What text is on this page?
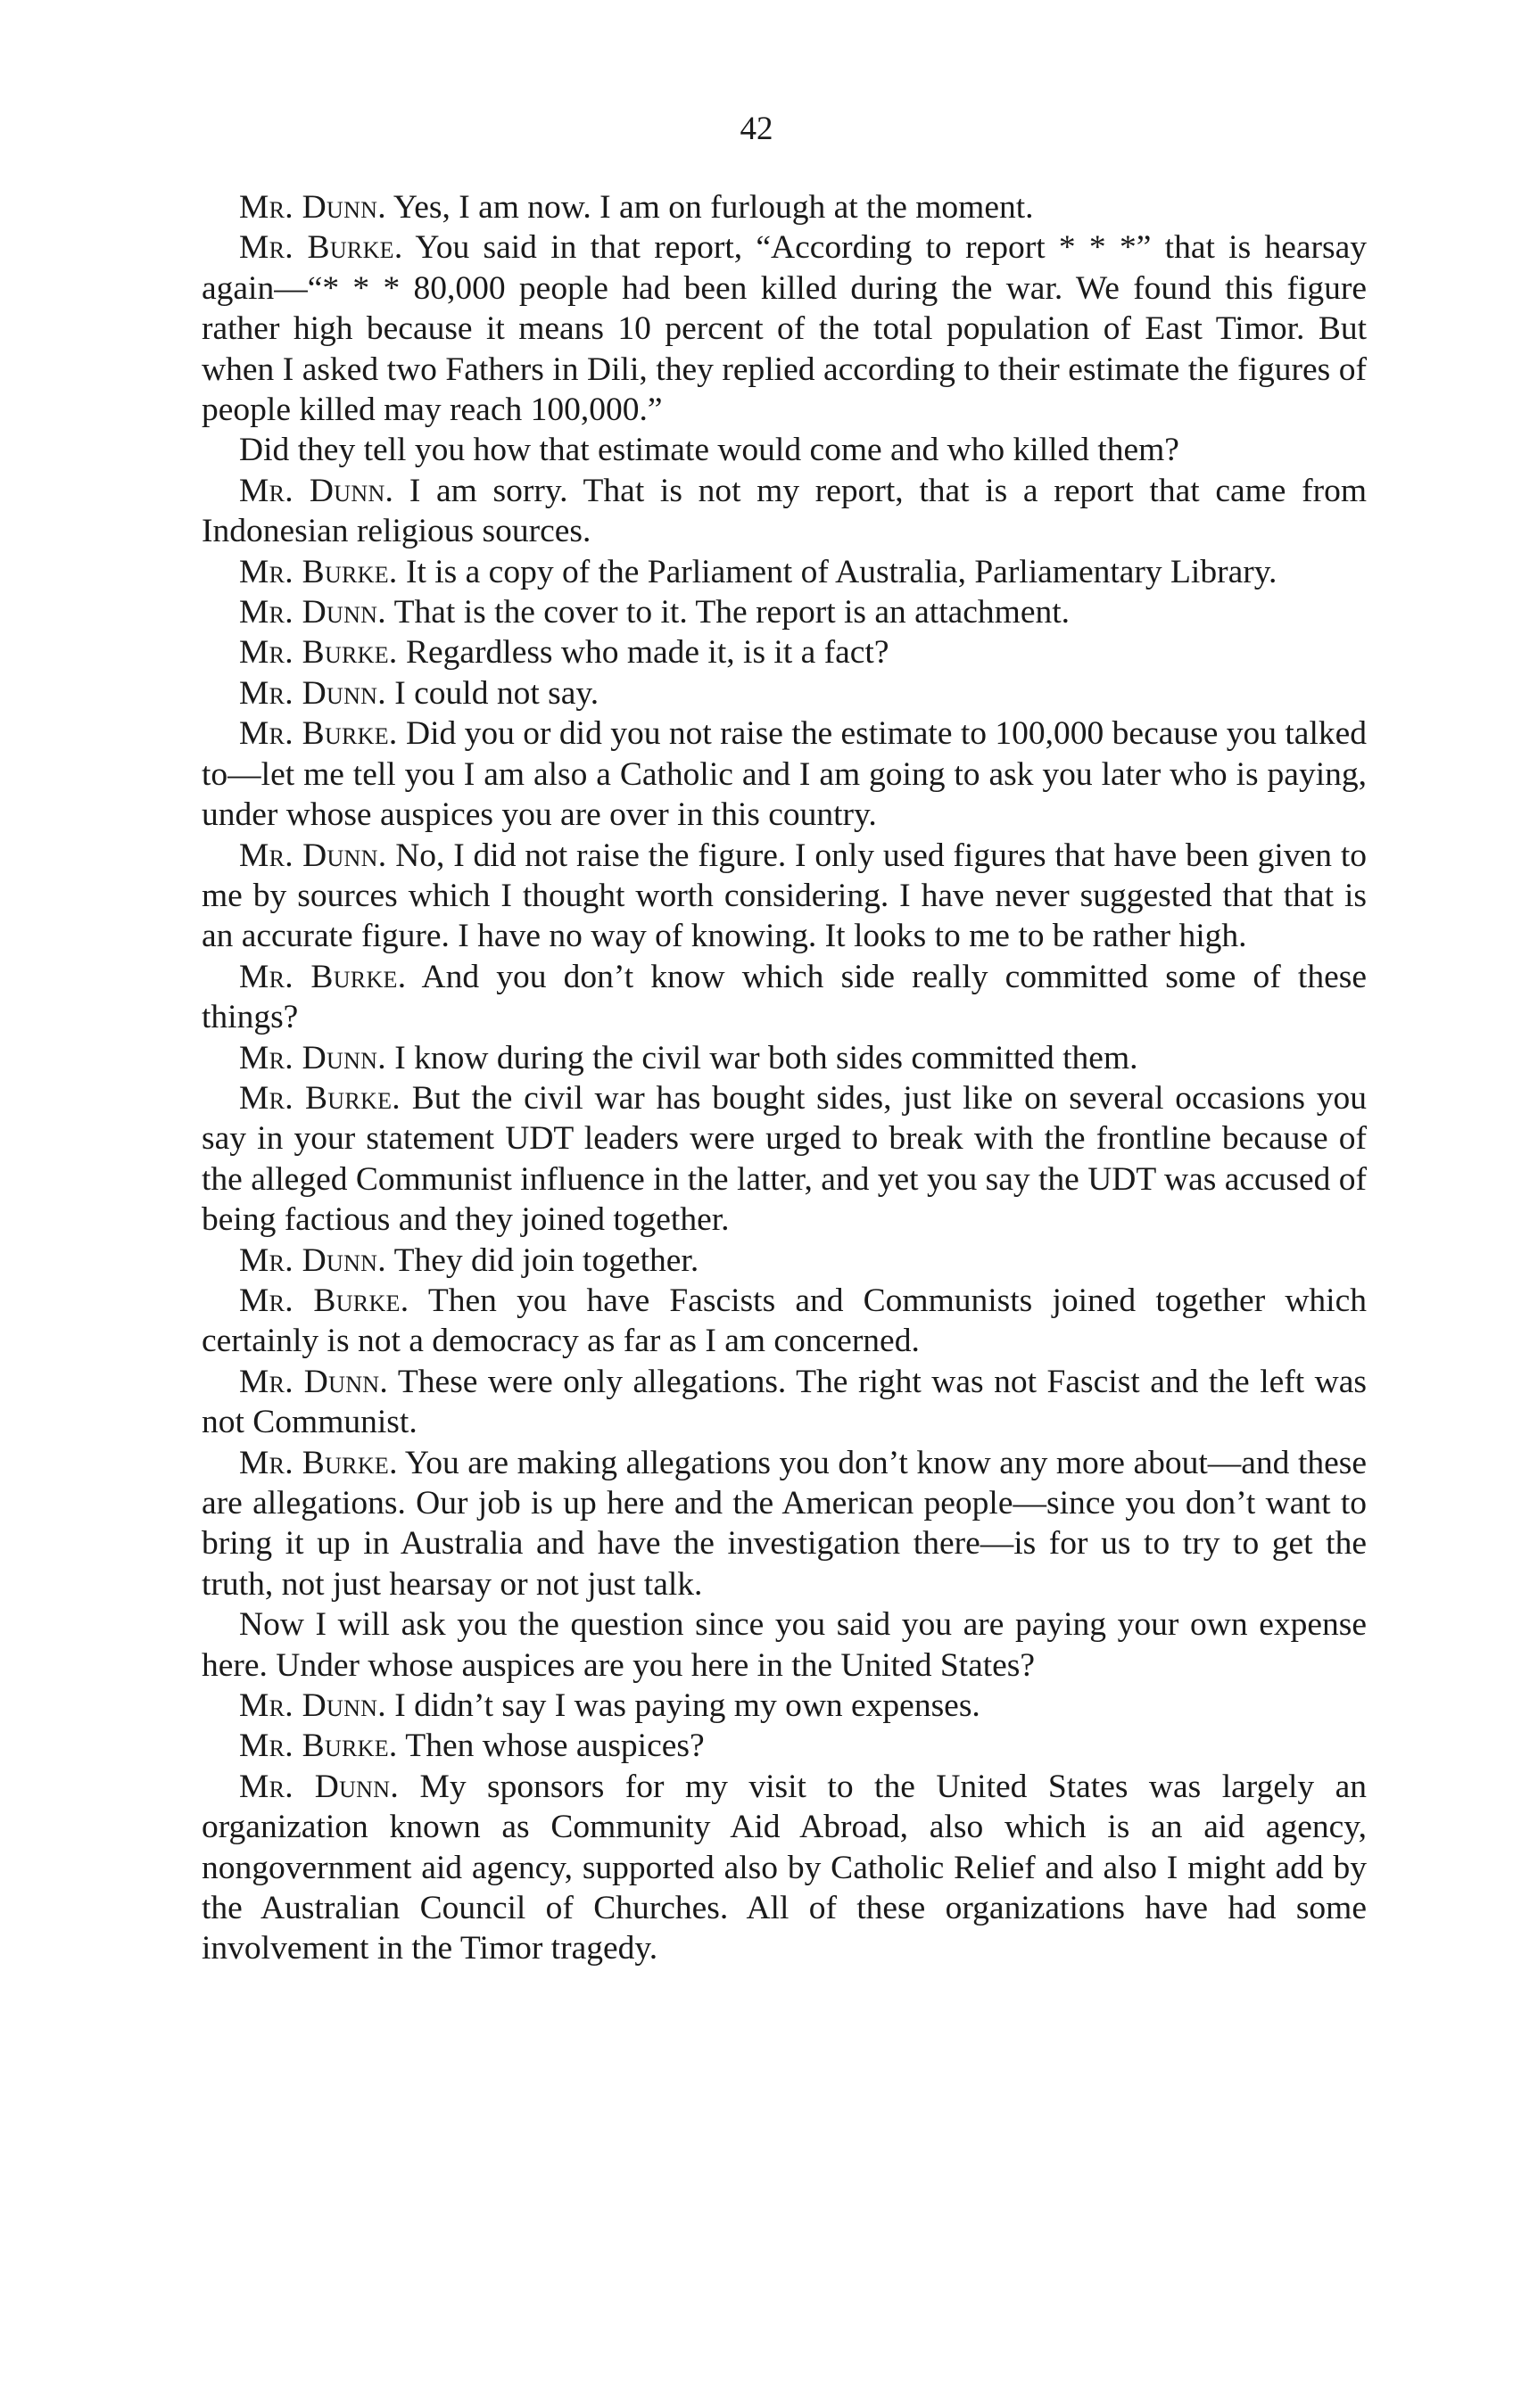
42

Mr. Dunn. Yes, I am now. I am on furlough at the moment.

Mr. Burke. You said in that report, “According to report * * *” that is hearsay again—“* * * 80,000 people had been killed during the war. We found this figure rather high because it means 10 percent of the total population of East Timor. But when I asked two Fathers in Dili, they replied according to their estimate the figures of people killed may reach 100,000.”

Did they tell you how that estimate would come and who killed them?

Mr. Dunn. I am sorry. That is not my report, that is a report that came from Indonesian religious sources.

Mr. Burke. It is a copy of the Parliament of Australia, Parliamentary Library.

Mr. Dunn. That is the cover to it. The report is an attachment.

Mr. Burke. Regardless who made it, is it a fact?

Mr. Dunn. I could not say.

Mr. Burke. Did you or did you not raise the estimate to 100,000 because you talked to—let me tell you I am also a Catholic and I am going to ask you later who is paying, under whose auspices you are over in this country.

Mr. Dunn. No, I did not raise the figure. I only used figures that have been given to me by sources which I thought worth considering. I have never suggested that that is an accurate figure. I have no way of knowing. It looks to me to be rather high.

Mr. Burke. And you don’t know which side really committed some of these things?

Mr. Dunn. I know during the civil war both sides committed them.

Mr. Burke. But the civil war has bought sides, just like on several occasions you say in your statement UDT leaders were urged to break with the frontline because of the alleged Communist influence in the latter, and yet you say the UDT was accused of being factious and they joined together.

Mr. Dunn. They did join together.

Mr. Burke. Then you have Fascists and Communists joined together which certainly is not a democracy as far as I am concerned.

Mr. Dunn. These were only allegations. The right was not Fascist and the left was not Communist.

Mr. Burke. You are making allegations you don’t know any more about—and these are allegations. Our job is up here and the American people—since you don’t want to bring it up in Australia and have the investigation there—is for us to try to get the truth, not just hearsay or not just talk.

Now I will ask you the question since you said you are paying your own expense here. Under whose auspices are you here in the United States?

Mr. Dunn. I didn’t say I was paying my own expenses.

Mr. Burke. Then whose auspices?

Mr. Dunn. My sponsors for my visit to the United States was largely an organization known as Community Aid Abroad, also which is an aid agency, nongovernment aid agency, supported also by Catholic Relief and also I might add by the Australian Council of Churches. All of these organizations have had some involvement in the Timor tragedy.
